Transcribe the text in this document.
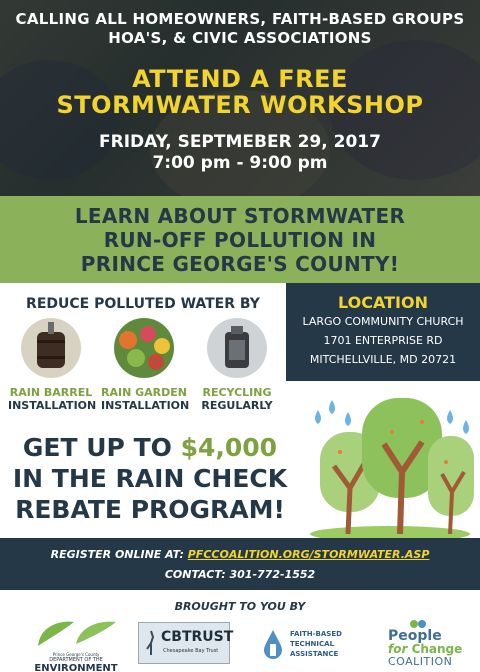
CALLING ALL HOMEOWNERS, FAITH-BASED GROUPS
HOA'S, & CIVIC ASSOCIATIONS
ATTEND A FREE
STORMWATER WORKSHOP
FRIDAY, SEPTMEBER 29, 2017
7:00 pm - 9:00 pm
LEARN ABOUT STORMWATER
RUN-OFF POLLUTION IN
PRINCE GEORGE'S COUNTY!
REDUCE POLLUTED WATER BY
RAIN BARREL
INSTALLATION
RAIN GARDEN
INSTALLATION
RECYCLING
REGULARLY
LOCATION
LARGO COMMUNITY CHURCH
1701 ENTERPRISE RD
MITCHELLVILLE, MD 20721
GET UP TO $4,000
IN THE RAIN CHECK
REBATE PROGRAM!
REGISTER ONLINE AT: PFCCOALITION.ORG/STORMWATER.ASP
CONTACT: 301-772-1552
BROUGHT TO YOU BY
Prince George's County
DEPARTMENT OF THE
ENVIRONMENT
CBTRUST
Chesapeake Bay Trust
FAITH-BASED
TECHNICAL
ASSISTANCE
People
for Change
COALITION
